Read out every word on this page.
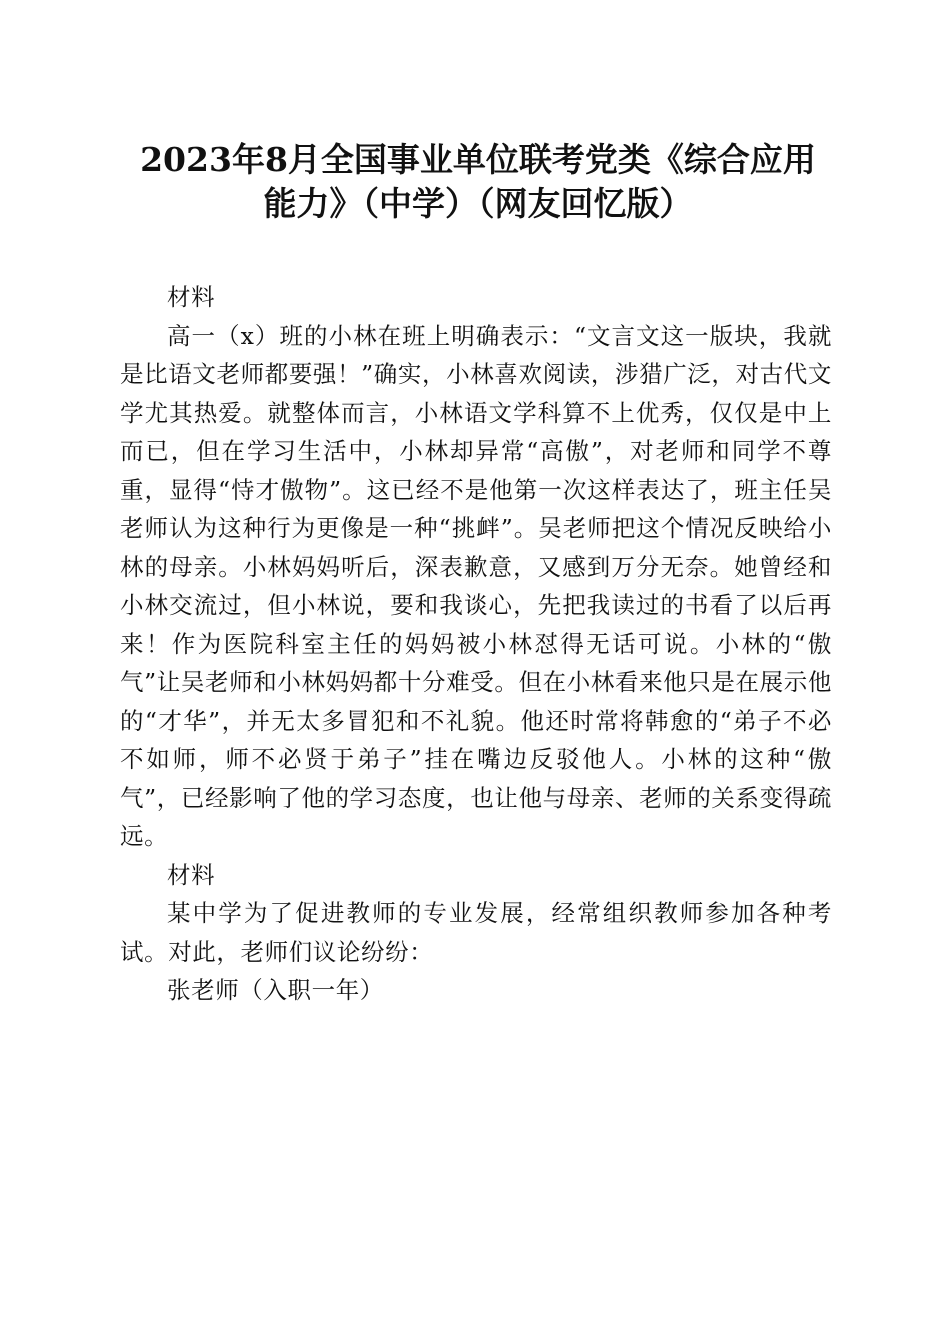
2023年8月全国事业单位联考党类《综合应用
能力》（中学）（网友回忆版）

材料

高一（x）班的小林在班上明确表示：“文言文这一版块，我就是比语文老师都要强！”确实，小林喜欢阅读，涉猎广泛，对古代文学尤其热爱。就整体而言，小林语文学科算不上优秀，仅仅是中上而已，但在学习生活中，小林却异常“高傲”，对老师和同学不尊重，显得“恃才傲物”。这已经不是他第一次这样表达了，班主任吴老师认为这种行为更像是一种“挑衅”。吴老师把这个情况反映给小林的母亲。小林妈妈听后，深表歉意，又感到万分无奈。她曾经和小林交流过，但小林说，要和我谈心，先把我读过的书看了以后再来！作为医院科室主任的妈妈被小林怼得无话可说。小林的“傲气”让吴老师和小林妈妈都十分难受。但在小林看来他只是在展示他的“才华”，并无太多冒犯和不礼貌。他还时常将韩愈的“弟子不必不如师，师不必贤于弟子”挂在嘴边反驳他人。小林的这种“傲气”，已经影响了他的学习态度，也让他与母亲、老师的关系变得疏远。

材料

某中学为了促进教师的专业发展，经常组织教师参加各种考试。对此，老师们议论纷纷：

张老师（入职一年）
